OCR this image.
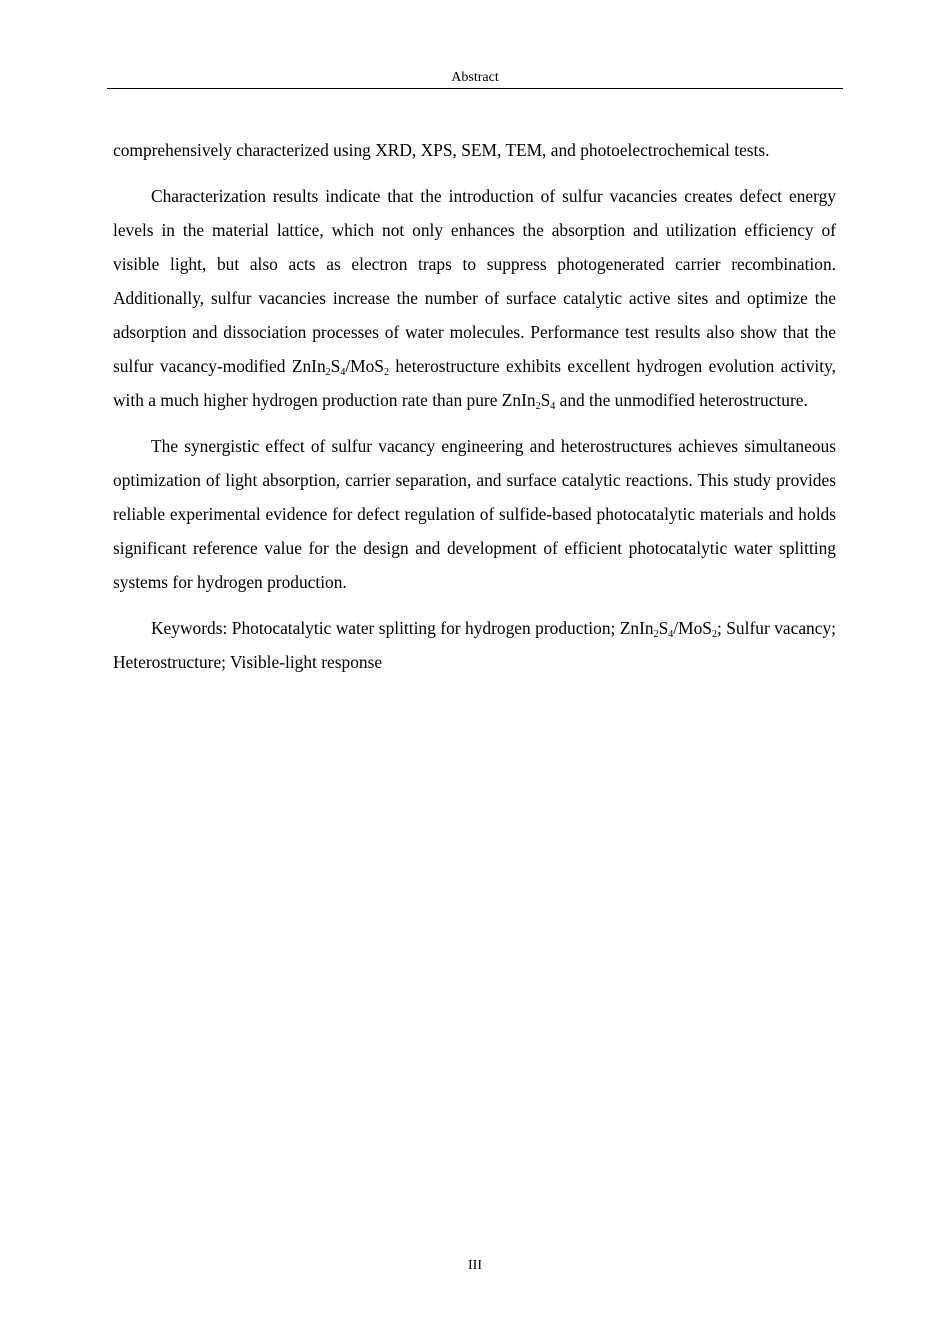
Abstract

comprehensively characterized using XRD, XPS, SEM, TEM, and photoelectrochemical tests.

Characterization results indicate that the introduction of sulfur vacancies creates defect energy levels in the material lattice, which not only enhances the absorption and utilization efficiency of visible light, but also acts as electron traps to suppress photogenerated carrier recombination. Additionally, sulfur vacancies increase the number of surface catalytic active sites and optimize the adsorption and dissociation processes of water molecules. Performance test results also show that the sulfur vacancy-modified $ZnIn_2S_4/MoS_2$ heterostructure exhibits excellent hydrogen evolution activity, with a much higher hydrogen production rate than pure $ZnIn_2S_4$ and the unmodified heterostructure.

The synergistic effect of sulfur vacancy engineering and heterostructures achieves simultaneous optimization of light absorption, carrier separation, and surface catalytic reactions. This study provides reliable experimental evidence for defect regulation of sulfide-based photocatalytic materials and holds significant reference value for the design and development of efficient photocatalytic water splitting systems for hydrogen production.

Keywords: Photocatalytic water splitting for hydrogen production; $ZnIn_2S_4/MoS_2$; Sulfur vacancy; Heterostructure; Visible-light response

III
